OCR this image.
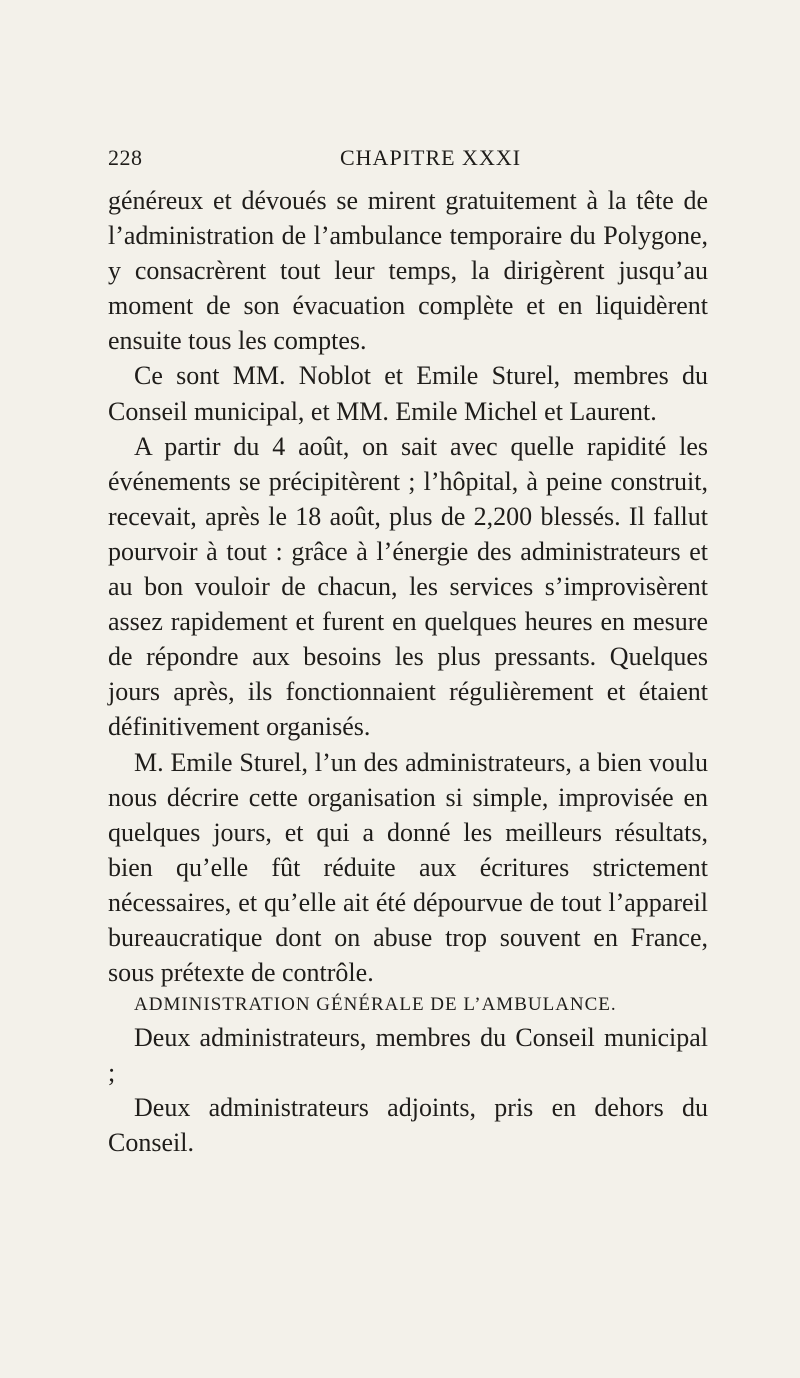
228	CHAPITRE XXXI

généreux et dévoués se mirent gratuitement à la tête de l’administration de l’ambulance temporaire du Polygone, y consacrèrent tout leur temps, la dirigèrent jusqu’au moment de son évacuation complète et en liquidèrent ensuite tous les comptes.

Ce sont MM. Noblot et Emile Sturel, membres du Conseil municipal, et MM. Emile Michel et Laurent.

A partir du 4 août, on sait avec quelle rapidité les événements se précipitèrent ; l’hôpital, à peine construit, recevait, après le 18 août, plus de 2,200 blessés. Il fallut pourvoir à tout : grâce à l’énergie des administrateurs et au bon vouloir de chacun, les services s’improvisèrent assez rapidement et furent en quelques heures en mesure de répondre aux besoins les plus pressants. Quelques jours après, ils fonctionnaient régulièrement et étaient définitivement organisés.

M. Emile Sturel, l’un des administrateurs, a bien voulu nous décrire cette organisation si simple, improvisée en quelques jours, et qui a donné les meilleurs résultats, bien qu’elle fût réduite aux écritures strictement nécessaires, et qu’elle ait été dépourvue de tout l’appareil bureaucratique dont on abuse trop souvent en France, sous prétexte de contrôle.

ADMINISTRATION GÉNÉRALE DE L’AMBULANCE.

Deux administrateurs, membres du Conseil municipal ;

Deux administrateurs adjoints, pris en dehors du Conseil.
